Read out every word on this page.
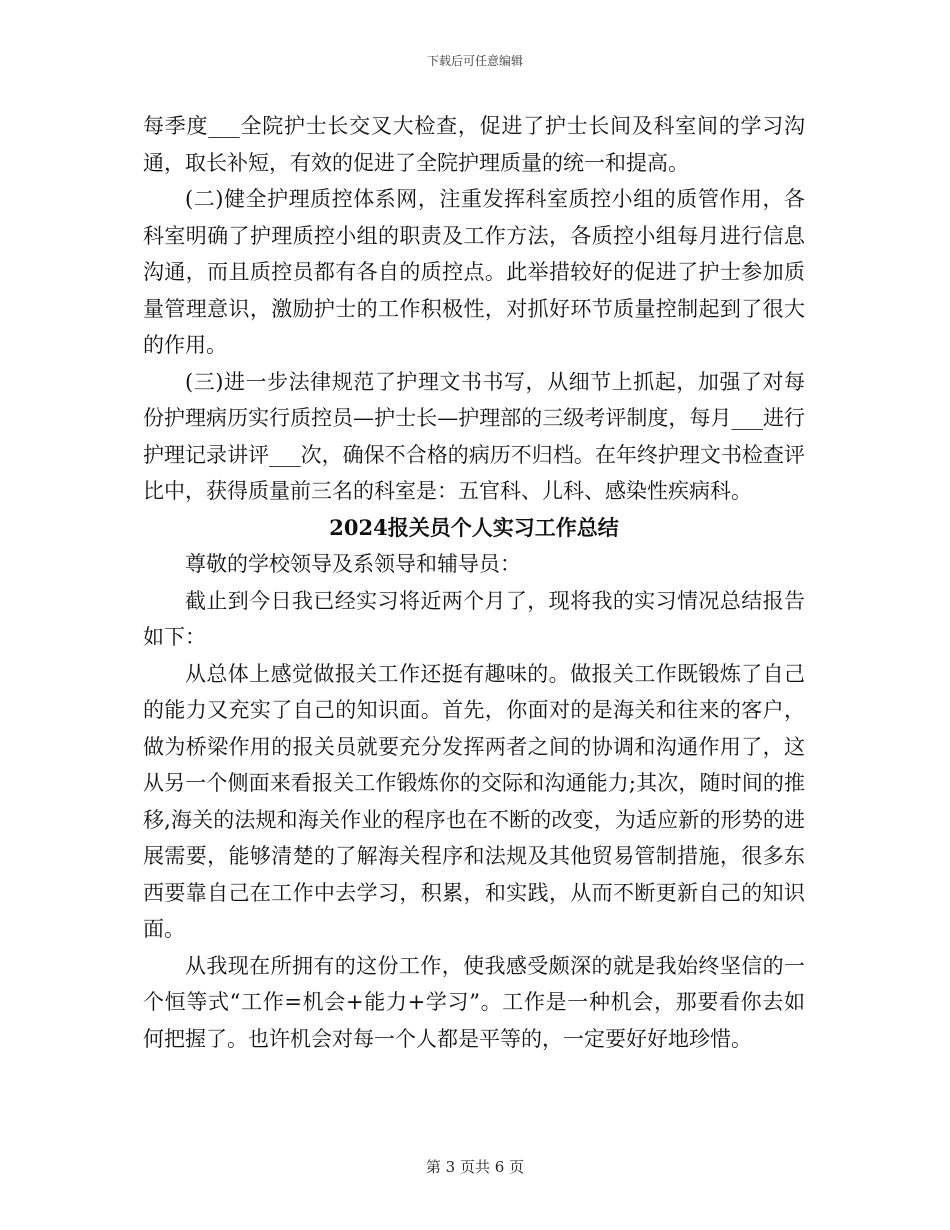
下载后可任意编辑

每季度___全院护士长交叉大检查，促进了护士长间及科室间的学习沟通，取长补短，有效的促进了全院护理质量的统一和提高。

(二)健全护理质控体系网，注重发挥科室质控小组的质管作用，各科室明确了护理质控小组的职责及工作方法，各质控小组每月进行信息沟通，而且质控员都有各自的质控点。此举措较好的促进了护士参加质量管理意识，激励护士的工作积极性，对抓好环节质量控制起到了很大的作用。

(三)进一步法律规范了护理文书书写，从细节上抓起，加强了对每份护理病历实行质控员—护士长—护理部的三级考评制度，每月___进行护理记录讲评___次，确保不合格的病历不归档。在年终护理文书检查评比中，获得质量前三名的科室是：五官科、儿科、感染性疾病科。

2024报关员个人实习工作总结

尊敬的学校领导及系领导和辅导员：

截止到今日我已经实习将近两个月了，现将我的实习情况总结报告如下：

从总体上感觉做报关工作还挺有趣味的。做报关工作既锻炼了自己的能力又充实了自己的知识面。首先，你面对的是海关和往来的客户，做为桥梁作用的报关员就要充分发挥两者之间的协调和沟通作用了，这从另一个侧面来看报关工作锻炼你的交际和沟通能力;其次，随时间的推移,海关的法规和海关作业的程序也在不断的改变，为适应新的形势的进展需要，能够清楚的了解海关程序和法规及其他贸易管制措施，很多东西要靠自己在工作中去学习，积累，和实践，从而不断更新自己的知识面。

从我现在所拥有的这份工作，使我感受颇深的就是我始终坚信的一个恒等式“工作=机会+能力+学习”。工作是一种机会，那要看你去如何把握了。也许机会对每一个人都是平等的，一定要好好地珍惜。

第 3 页共 6 页
